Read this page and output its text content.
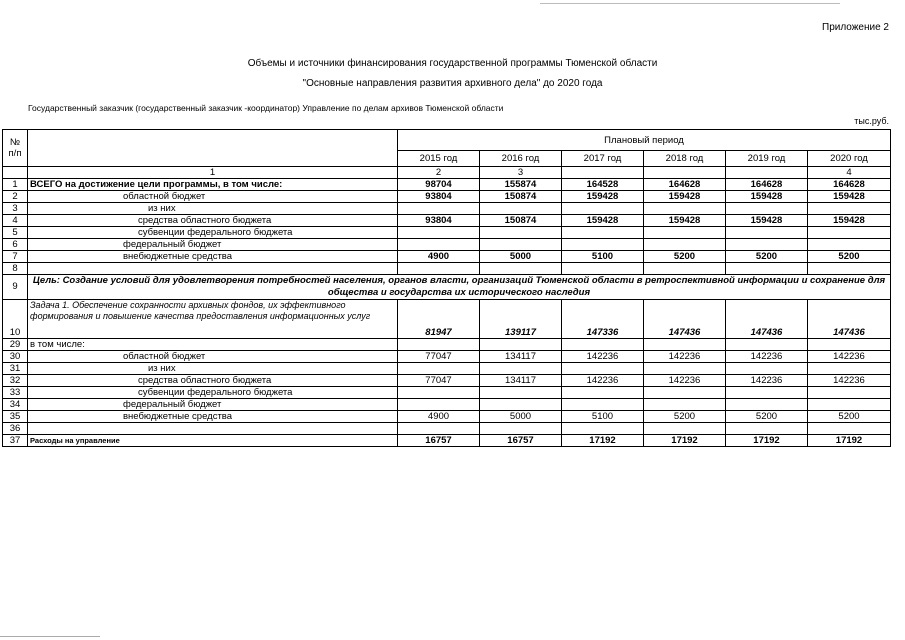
Приложение 2
Объемы и источники финансирования государственной программы Тюменской области
"Основные направления развития архивного дела" до 2020 года
Государственный заказчик (государственный заказчик -координатор) Управление по делам архивов Тюменской области
тыс.руб.
№ п/п		Плановый период					
		2015 год	2016 год	2017 год	2018 год	2019 год	2020 год
	1	2	3				4
1	ВСЕГО на достижение цели программы, в том числе:	98704	155874	164528	164628	164628	164628
2	областной бюджет	93804	150874	159428	159428	159428	159428
3	из них						
4	средства областного бюджета	93804	150874	159428	159428	159428	159428
5	субвенции федерального бюджета						
6	федеральный бюджет						
7	внебюджетные средства	4900	5000	5100	5200	5200	5200
8							
9	Цель: Создание условий для удовлетворения потребностей населения, органов власти, организаций Тюменской области в ретроспективной информации и сохранение для общества и государства их исторического наследия						
10	Задача 1. Обеспечение сохранности архивных фондов, их эффективного формирования и повышение качества предоставления информационных услуг	81947	139117	147336	147436	147436	147436
29	в том числе:						
30	областной бюджет	77047	134117	142236	142236	142236	142236
31	из них						
32	средства областного бюджета	77047	134117	142236	142236	142236	142236
33	субвенции федерального бюджета						
34	федеральный бюджет						
35	внебюджетные средства	4900	5000	5100	5200	5200	5200
36							
37	Расходы на управление	16757	16757	17192	17192	17192	17192
